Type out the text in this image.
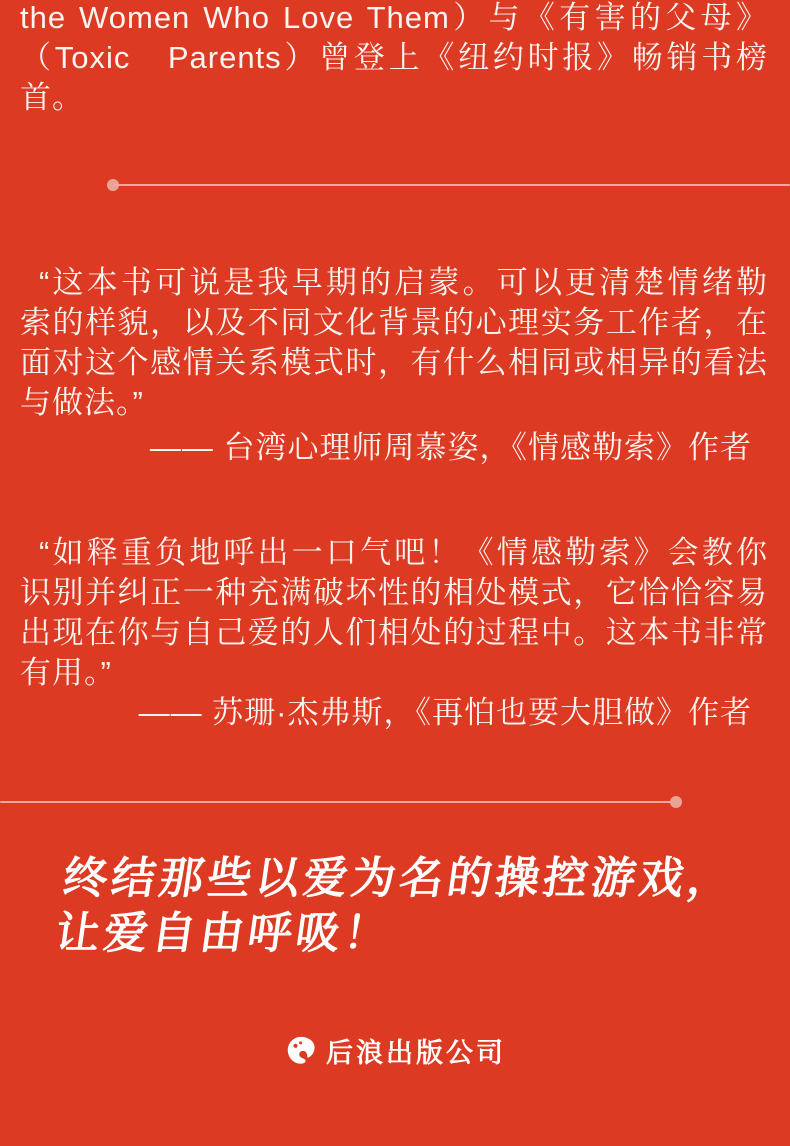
the Women Who Love Them）与《有害的父母》
（Toxic　Parents）曾登上《纽约时报》畅销书榜
首。

“这本书可说是我早期的启蒙。可以更清楚情绪勒
索的样貌，以及不同文化背景的心理实务工作者，在
面对这个感情关系模式时，有什么相同或相异的看法
与做法。”

—— 台湾心理师周慕姿，《情感勒索》作者

“如释重负地呼出一口气吧！《情感勒索》会教你
识别并纠正一种充满破坏性的相处模式，它恰恰容易
出现在你与自己爱的人们相处的过程中。这本书非常
有用。”

—— 苏珊·杰弗斯，《再怕也要大胆做》作者
终结那些以爱为名的操控游戏，
让爱自由呼吸！
后浪出版公司
